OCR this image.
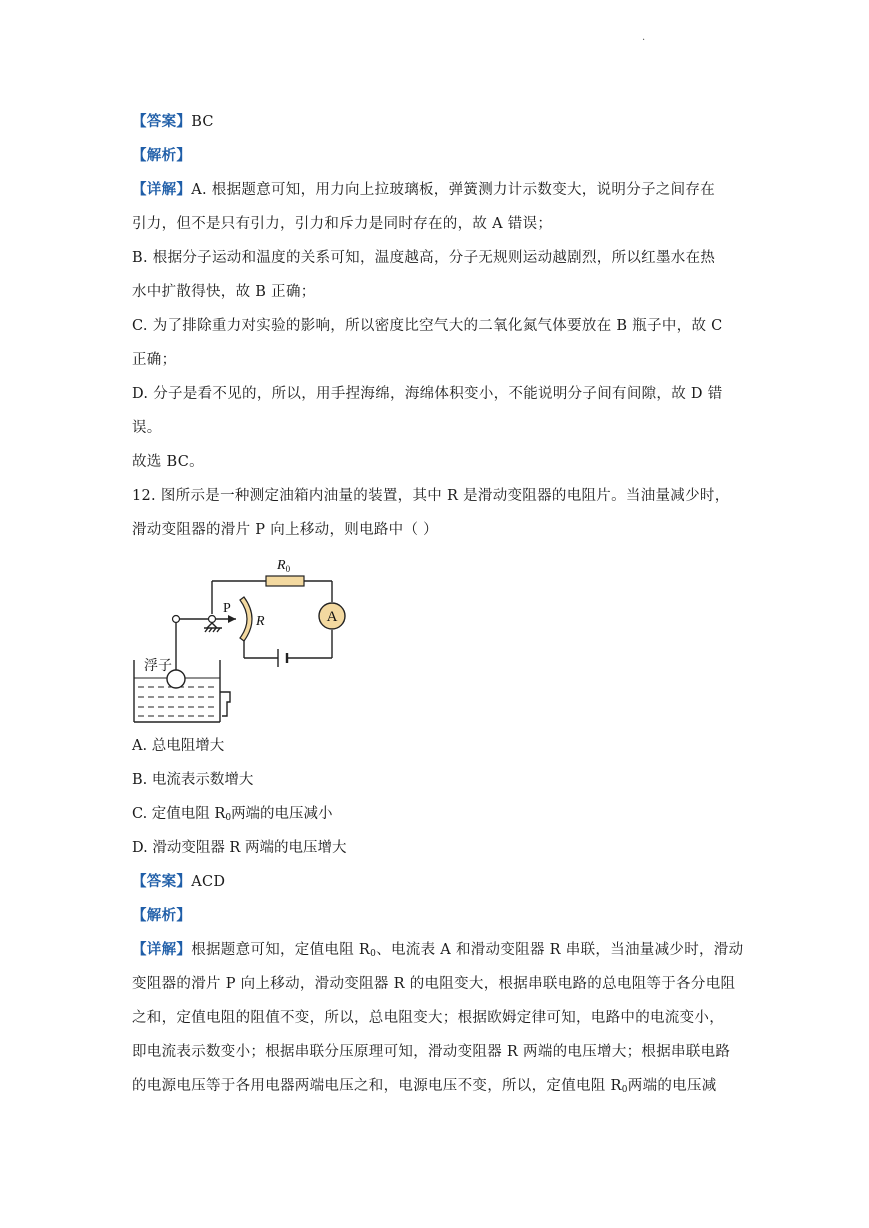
.
【答案】BC
【解析】
【详解】A. 根据题意可知，用力向上拉玻璃板，弹簧测力计示数变大，说明分子之间存在
引力，但不是只有引力，引力和斥力是同时存在的，故 A 错误；
B. 根据分子运动和温度的关系可知，温度越高，分子无规则运动越剧烈，所以红墨水在热
水中扩散得快，故 B 正确；
C. 为了排除重力对实验的影响，所以密度比空气大的二氧化氮气体要放在 B 瓶子中，故 C
正确；
D. 分子是看不见的，所以，用手捏海绵，海绵体积变小，不能说明分子间有间隙，故 D 错
误。
故选 BC。
12. 图所示是一种测定油箱内油量的装置，其中 R 是滑动变阻器的电阻片。当油量减少时，
滑动变阻器的滑片 P 向上移动，则电路中（ ）
A
$R_0$
P
R
浮子
A. 总电阻增大
B. 电流表示数增大
C. 定值电阻 $R_0$两端的电压减小
D. 滑动变阻器 R 两端的电压增大
【答案】ACD
【解析】
【详解】根据题意可知，定值电阻 $R_0$、电流表 A 和滑动变阻器 R 串联，当油量减少时，滑动
变阻器的滑片 P 向上移动，滑动变阻器 R 的电阻变大，根据串联电路的总电阻等于各分电阻
之和，定值电阻的阻值不变，所以，总电阻变大；根据欧姆定律可知，电路中的电流变小，
即电流表示数变小；根据串联分压原理可知，滑动变阻器 R 两端的电压增大；根据串联电路
的电源电压等于各用电器两端电压之和，电源电压不变，所以，定值电阻 $R_0$两端的电压减
